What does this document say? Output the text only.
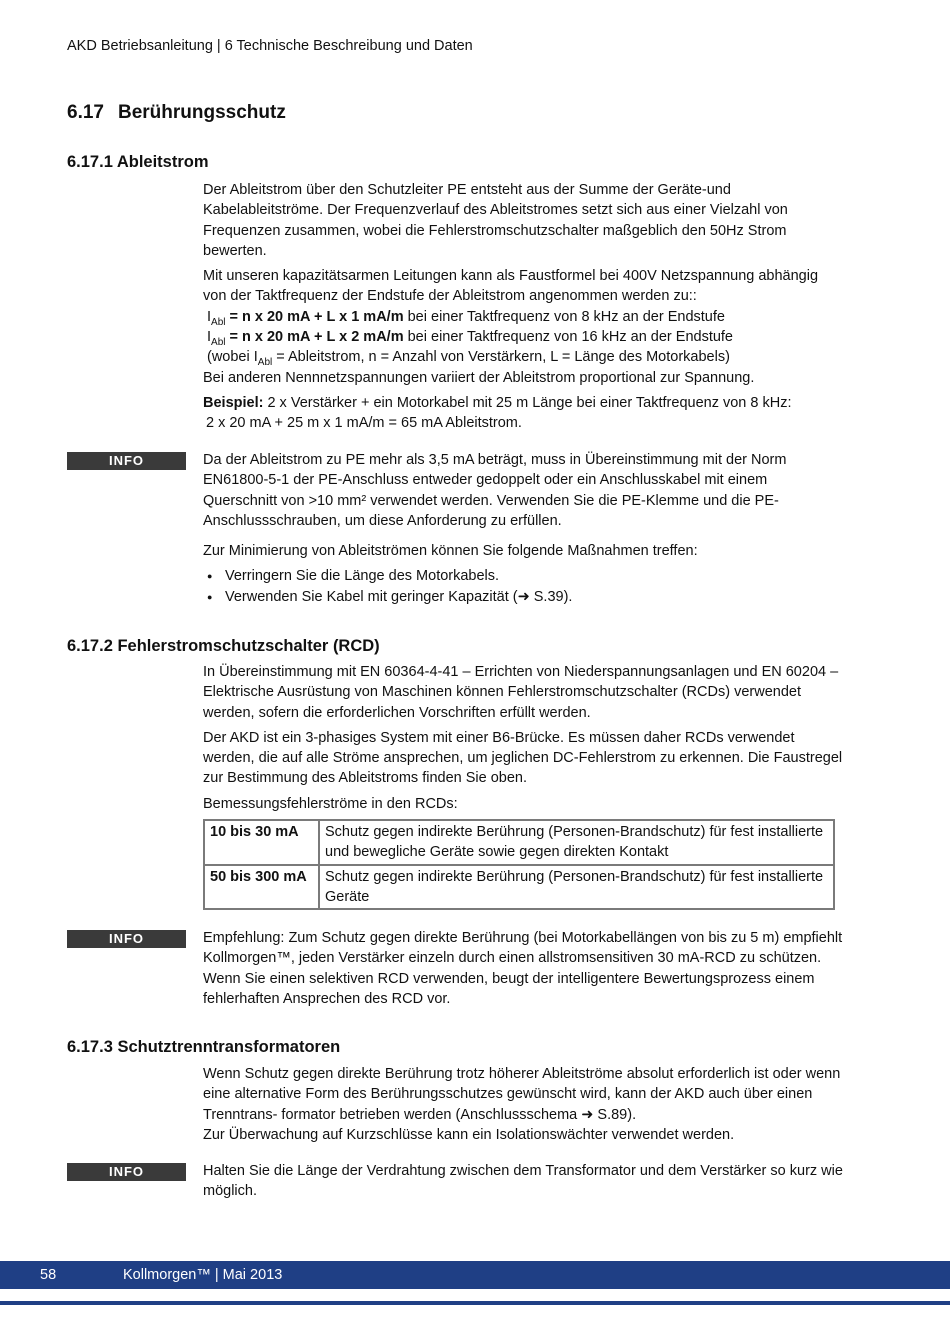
AKD Betriebsanleitung | 6 Technische Beschreibung und Daten
6.17 Berührungsschutz
6.17.1 Ableitstrom

Der Ableitstrom über den Schutzleiter PE entsteht aus der Summe der Geräte-und Kabelableitströme. Der Frequenzverlauf des Ableitstromes setzt sich aus einer Vielzahl von Frequenzen zusammen, wobei die Fehlerstromschutzschalter maßgeblich den 50Hz Strom bewerten.

Mit unseren kapazitätsarmen Leitungen kann als Faustformel bei 400V Netzspannung abhängig von der Taktfrequenz der Endstufe der Ableitstrom angenommen werden zu::

$I_{Abl} = n$ x 20 mA + L x 1 mA/m bei einer Taktfrequenz von 8 kHz an der Endstufe
$I_{Abl} = n$ x 20 mA + L x 2 mA/m bei einer Taktfrequenz von 16 kHz an der Endstufe
(wobei $I_{Abl}$ = Ableitstrom, n = Anzahl von Verstärkern, L = Länge des Motorkabels)

Bei anderen Nennnetzspannungen variiert der Ableitstrom proportional zur Spannung.

Beispiel: 2 x Verstärker + ein Motorkabel mit 25 m Länge bei einer Taktfrequenz von 8 kHz:
2 x 20 mA + 25 m x 1 mA/m = 65 mA Ableitstrom.
INFO	Da der Ableitstrom zu PE mehr als 3,5 mA beträgt, muss in Übereinstimmung mit der Norm EN61800-5-1 der PE-Anschluss entweder gedoppelt oder ein Anschlusskabel mit einem Querschnitt von >10 mm² verwendet werden. Verwenden Sie die PE-Klemme und die PE-Anschlussschrauben, um diese Anforderung zu erfüllen.

Zur Minimierung von Ableitströmen können Sie folgende Maßnahmen treffen:

● Verringern Sie die Länge des Motorkabels.
● Verwenden Sie Kabel mit geringer Kapazität (➜ S.39).
6.17.2 Fehlerstromschutzschalter (RCD)

In Übereinstimmung mit EN 60364-4-41 – Errichten von Niederspannungsanlagen und EN 60204 – Elektrische Ausrüstung von Maschinen können Fehlerstromschutzschalter (RCDs) verwendet werden, sofern die erforderlichen Vorschriften erfüllt werden.

Der AKD ist ein 3-phasiges System mit einer B6-Brücke. Es müssen daher RCDs verwendet werden, die auf alle Ströme ansprechen, um jeglichen DC-Fehlerstrom zu erkennen. Die Faustregel zur Bestimmung des Ableitstroms finden Sie oben.

Bemessungsfehlerströme in den RCDs:

10 bis 30 mA	Schutz gegen indirekte Berührung (Personen-Brandschutz) für fest installierte und bewegliche Geräte sowie gegen direkten Kontakt
50 bis 300 mA	Schutz gegen indirekte Berührung (Personen-Brandschutz) für fest installierte Geräte
INFO	Empfehlung: Zum Schutz gegen direkte Berührung (bei Motorkabellängen von bis zu 5 m) empfiehlt Kollmorgen™, jeden Verstärker einzeln durch einen allstromsensitiven 30 mA-RCD zu schützen. Wenn Sie einen selektiven RCD verwenden, beugt der intelligentere Bewertungsprozess einem fehlerhaften Ansprechen des RCD vor.

6.17.3 Schutztrenntransformatoren
Wenn Schutz gegen direkte Berührung trotz höherer Ableitströme absolut erforderlich ist oder wenn eine alternative Form des Berührungsschutzes gewünscht wird, kann der AKD auch über einen Trenntrans- formator betrieben werden (Anschlussschema ➜ S.89).
Zur Überwachung auf Kurzschlüsse kann ein Isolationswächter verwendet werden.
INFO	Halten Sie die Länge der Verdrahtung zwischen dem Transformator und dem Verstärker so kurz wie möglich.

58	Kollmorgen™ | Mai 2013
